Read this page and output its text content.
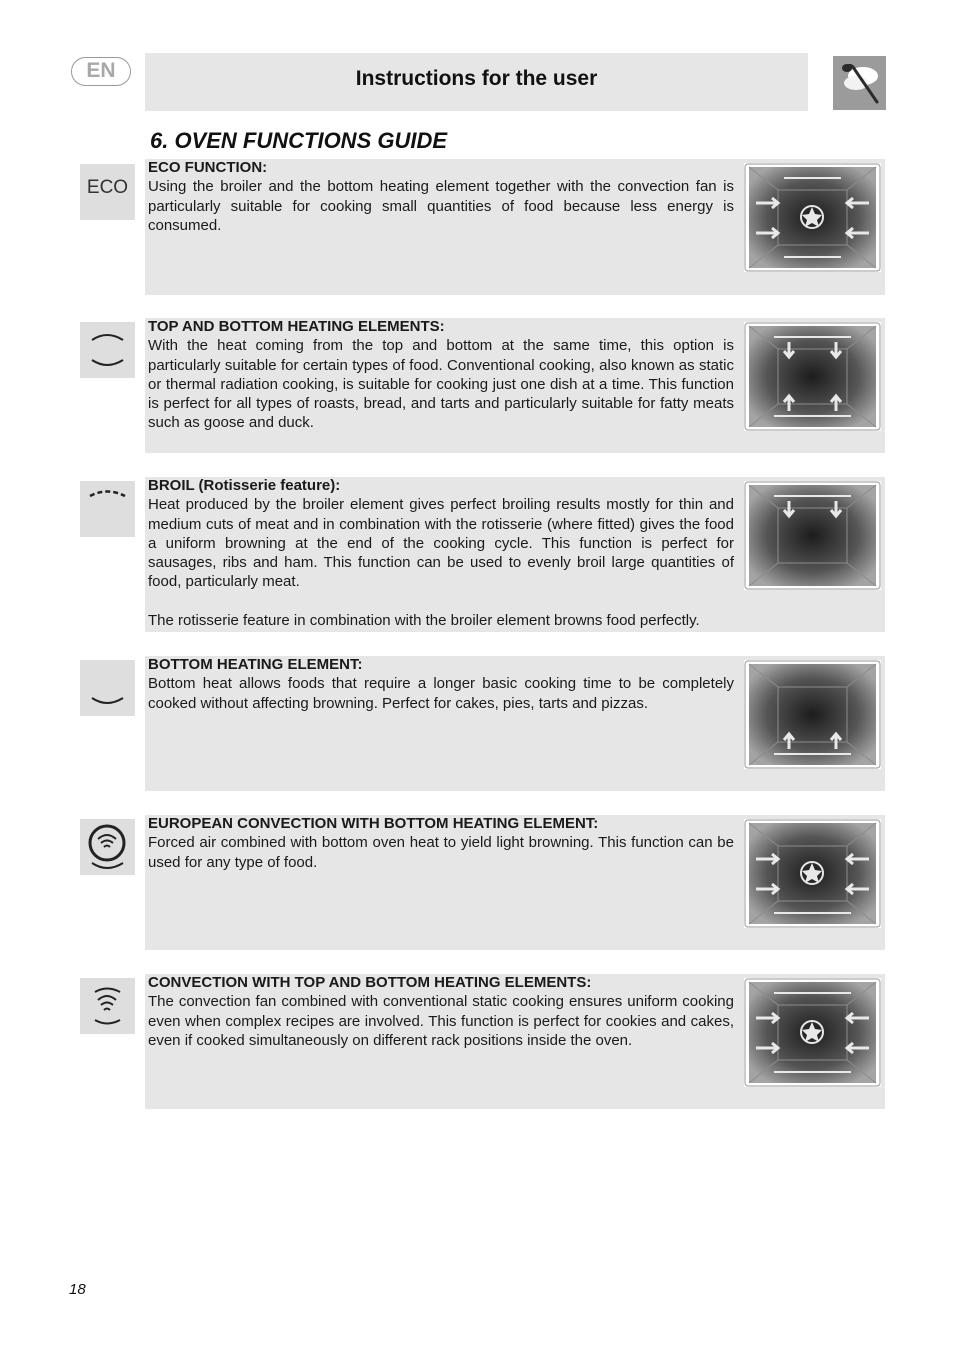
EN	Instructions for the user
6. OVEN FUNCTIONS GUIDE
ECO
ECO FUNCTION:
Using the broiler and the bottom heating element together with the convection fan is particularly suitable for cooking small quantities of food because less energy is consumed.
TOP AND BOTTOM HEATING ELEMENTS:
With the heat coming from the top and bottom at the same time, this option is particularly suitable for certain types of food. Conventional cooking, also known as static or thermal radiation cooking, is suitable for cooking just one dish at a time. This function is perfect for all types of roasts, bread, and tarts and particularly suitable for fatty meats such as goose and duck.
BROIL (Rotisserie feature):
Heat produced by the broiler element gives perfect broiling results mostly for thin and medium cuts of meat and in combination with the rotisserie (where fitted) gives the food a uniform browning at the end of the cooking cycle. This function is perfect for sausages, ribs and ham. This function can be used to evenly broil large quantities of food, particularly meat.
The rotisserie feature in combination with the broiler element browns food perfectly.
BOTTOM HEATING ELEMENT:
Bottom heat allows foods that require a longer basic cooking time to be completely cooked without affecting browning. Perfect for cakes, pies, tarts and pizzas.
EUROPEAN CONVECTION WITH BOTTOM HEATING ELEMENT:
Forced air combined with bottom oven heat to yield light browning. This function can be used for any type of food.
CONVECTION WITH TOP AND BOTTOM HEATING ELEMENTS:
The convection fan combined with conventional static cooking ensures uniform cooking even when complex recipes are involved. This function is perfect for cookies and cakes, even if cooked simultaneously on different rack positions inside the oven.
18
